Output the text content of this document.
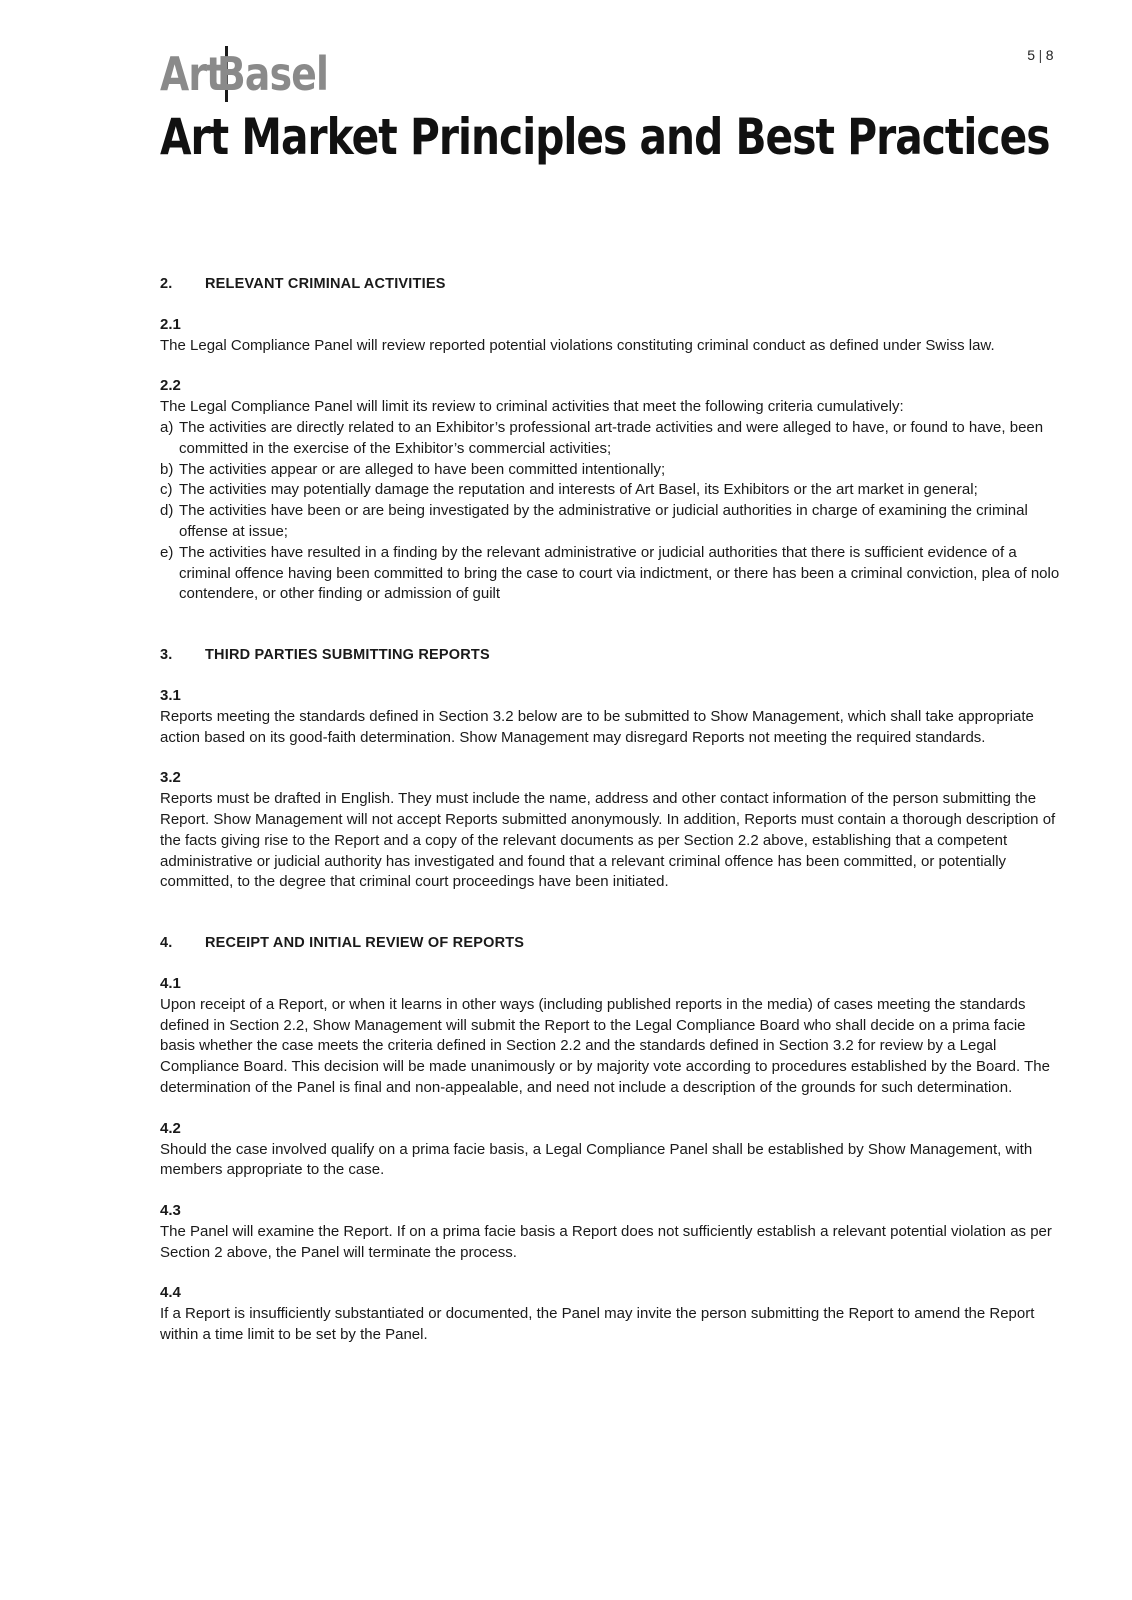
5 | 8
ArtBasel
Art Market Principles and Best Practices
2. RELEVANT CRIMINAL ACTIVITIES
2.1

The Legal Compliance Panel will review reported potential violations constituting criminal conduct as defined under Swiss law.

2.2

The Legal Compliance Panel will limit its review to criminal activities that meet the following criteria cumulatively:

a) The activities are directly related to an Exhibitor’s professional art-trade activities and were alleged to have, or found to have, been committed in the exercise of the Exhibitor’s commercial activities;
b) The activities appear or are alleged to have been committed intentionally;
c) The activities may potentially damage the reputation and interests of Art Basel, its Exhibitors or the art market in general;
d) The activities have been or are being investigated by the administrative or judicial authorities in charge of examining the criminal offense at issue;
e) The activities have resulted in a finding by the relevant administrative or judicial authorities that there is sufficient evidence of a criminal offence having been committed to bring the case to court via indictment, or there has been a criminal conviction, plea of nolo contendere, or other finding or admission of guilt
3. THIRD PARTIES SUBMITTING REPORTS
3.1

Reports meeting the standards defined in Section 3.2 below are to be submitted to Show Management, which shall take appropriate action based on its good-faith determination. Show Management may disregard Reports not meeting the required standards.

3.2

Reports must be drafted in English. They must include the name, address and other contact information of the person submitting the Report. Show Management will not accept Reports submitted anonymously. In addition, Reports must contain a thorough description of the facts giving rise to the Report and a copy of the relevant documents as per Section 2.2 above, establishing that a competent administrative or judicial authority has investigated and found that a relevant criminal offence has been committed, or potentially committed, to the degree that criminal court proceedings have been initiated.

4. RECEIPT AND INITIAL REVIEW OF REPORTS
4.1

Upon receipt of a Report, or when it learns in other ways (including published reports in the media) of cases meeting the standards defined in Section 2.2, Show Management will submit the Report to the Legal Compliance Board who shall decide on a prima facie basis whether the case meets the criteria defined in Section 2.2 and the standards defined in Section 3.2 for review by a Legal Compliance Board. This decision will be made unanimously or by majority vote according to procedures established by the Board. The determination of the Panel is final and non-appealable, and need not include a description of the grounds for such determination.

4.2

Should the case involved qualify on a prima facie basis, a Legal Compliance Panel shall be established by Show Management, with members appropriate to the case.

4.3

The Panel will examine the Report. If on a prima facie basis a Report does not sufficiently establish a relevant potential violation as per Section 2 above, the Panel will terminate the process.

4.4

If a Report is insufficiently substantiated or documented, the Panel may invite the person submitting the Report to amend the Report within a time limit to be set by the Panel.
